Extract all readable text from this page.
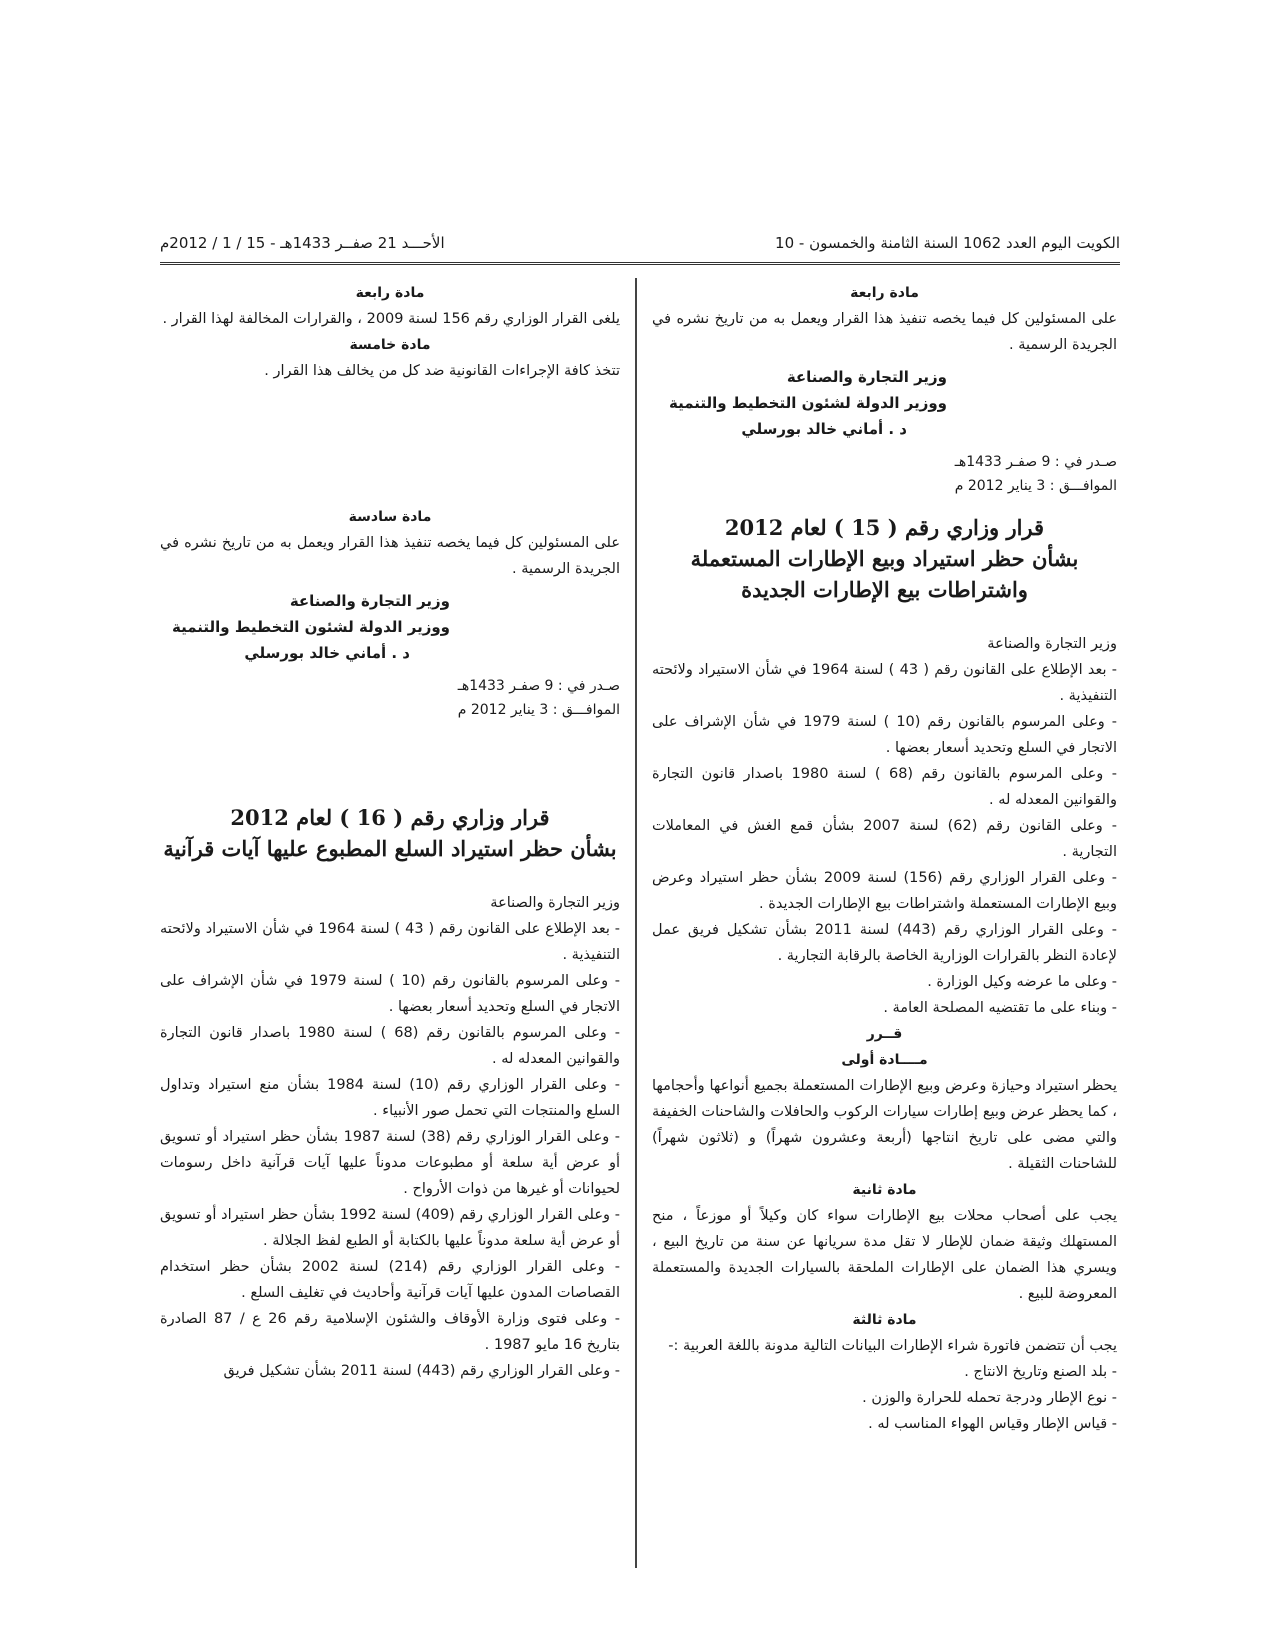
الكويت اليوم العدد 1062 السنة الثامنة والخمسون - 10
الأحـــد 21 صفــر 1433هـ - 15 / 1 / 2012م

مادة رابعة

على المسئولين كل فيما يخصه تنفيذ هذا القرار ويعمل به من تاريخ نشره في الجريدة الرسمية .

وزير التجارة والصناعة
ووزير الدولة لشئون التخطيط والتنمية
د . أماني خالد بورسلي
صـدر في : 9 صفـر 1433هـ
الموافـــق : 3 يناير 2012 م

قرار وزاري رقم ( 15 ) لعام 2012

بشأن حظر استيراد وبيع الإطارات المستعملة

واشتراطات بيع الإطارات الجديدة

وزير التجارة والصناعة

- بعد الإطلاع على القانون رقم ( 43 ) لسنة 1964 في شأن الاستيراد ولائحته التنفيذية .

- وعلى المرسوم بالقانون رقم (10 ) لسنة 1979 في شأن الإشراف على الاتجار في السلع وتحديد أسعار بعضها .

- وعلى المرسوم بالقانون رقم (68 ) لسنة 1980 باصدار قانون التجارة والقوانين المعدله له .

- وعلى القانون رقم (62) لسنة 2007 بشأن قمع الغش في المعاملات التجارية .

- وعلى القرار الوزاري رقم (156) لسنة 2009 بشأن حظر استيراد وعرض وبيع الإطارات المستعملة واشتراطات بيع الإطارات الجديدة .

- وعلى القرار الوزاري رقم (443) لسنة 2011 بشأن تشكيل فريق عمل لإعادة النظر بالقرارات الوزارية الخاصة بالرقابة التجارية .

- وعلى ما عرضه وكيل الوزارة .

- وبناء على ما تقتضيه المصلحة العامة .

قــرر

مــــادة أولى

يحظر استيراد وحيازة وعرض وبيع الإطارات المستعملة بجميع أنواعها وأحجامها ، كما يحظر عرض وبيع إطارات سيارات الركوب والحافلات والشاحنات الخفيفة والتي مضى على تاريخ انتاجها (أربعة وعشرون شهراً) و (ثلاثون شهراً) للشاحنات الثقيلة .

مادة ثانية

يجب على أصحاب محلات بيع الإطارات سواء كان وكيلاً أو موزعاً ، منح المستهلك وثيقة ضمان للإطار لا تقل مدة سريانها عن سنة من تاريخ البيع ، ويسري هذا الضمان على الإطارات الملحقة بالسيارات الجديدة والمستعملة المعروضة للبيع .

مادة ثالثة

يجب أن تتضمن فاتورة شراء الإطارات البيانات التالية مدونة باللغة العربية :-

- بلد الصنع وتاريخ الانتاج .

- نوع الإطار ودرجة تحمله للحرارة والوزن .

- قياس الإطار وقياس الهواء المناسب له .

مادة رابعة

يلغى القرار الوزاري رقم 156 لسنة 2009 ، والقرارات المخالفة لهذا القرار .

مادة خامسة

تتخذ كافة الإجراءات القانونية ضد كل من يخالف هذا القرار .

مادة سادسة

على المسئولين كل فيما يخصه تنفيذ هذا القرار ويعمل به من تاريخ نشره في الجريدة الرسمية .

وزير التجارة والصناعة
ووزير الدولة لشئون التخطيط والتنمية
د . أماني خالد بورسلي
صـدر في : 9 صفـر 1433هـ
الموافـــق : 3 يناير 2012 م

قرار وزاري رقم ( 16 ) لعام 2012

بشأن حظر استيراد السلع المطبوع عليها آيات قرآنية

وزير التجارة والصناعة

- بعد الإطلاع على القانون رقم ( 43 ) لسنة 1964 في شأن الاستيراد ولائحته التنفيذية .

- وعلى المرسوم بالقانون رقم (10 ) لسنة 1979 في شأن الإشراف على الاتجار في السلع وتحديد أسعار بعضها .

- وعلى المرسوم بالقانون رقم (68 ) لسنة 1980 باصدار قانون التجارة والقوانين المعدله له .

- وعلى القرار الوزاري رقم (10) لسنة 1984 بشأن منع استيراد وتداول السلع والمنتجات التي تحمل صور الأنبياء .

- وعلى القرار الوزاري رقم (38) لسنة 1987 بشأن حظر استيراد أو تسويق أو عرض أية سلعة أو مطبوعات مدوناً عليها آيات قرآنية داخل رسومات لحيوانات أو غيرها من ذوات الأرواح .

- وعلى القرار الوزاري رقم (409) لسنة 1992 بشأن حظر استيراد أو تسويق أو عرض أية سلعة مدوناً عليها بالكتابة أو الطبع لفظ الجلالة .

- وعلى القرار الوزاري رقم (214) لسنة 2002 بشأن حظر استخدام القصاصات المدون عليها آيات قرآنية وأحاديث في تغليف السلع .

- وعلى فتوى وزارة الأوقاف والشئون الإسلامية رقم 26 ع / 87 الصادرة بتاريخ 16 مايو 1987 .

- وعلى القرار الوزاري رقم (443) لسنة 2011 بشأن تشكيل فريق
